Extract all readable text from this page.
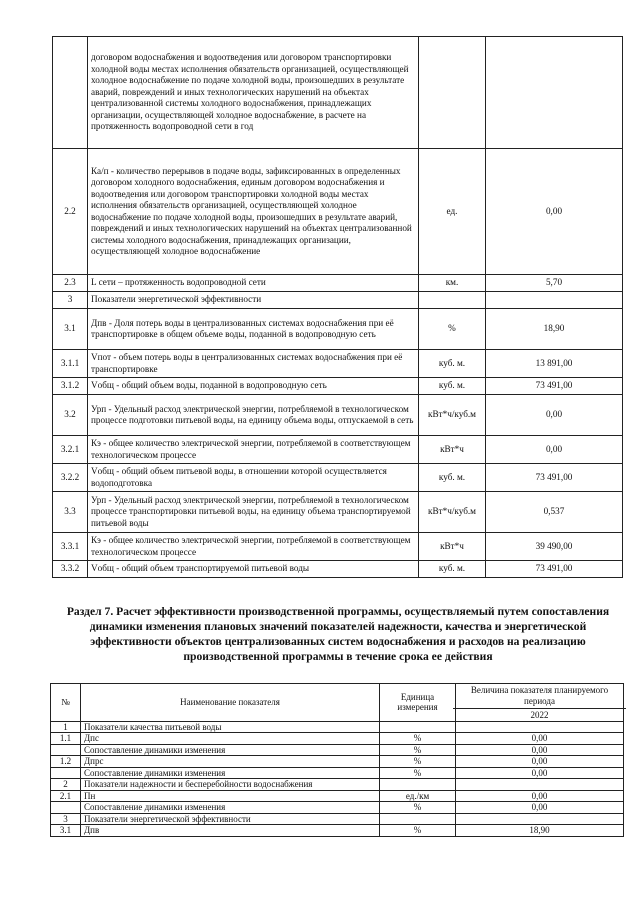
	договором водоснабжения и водоотведения или договором транспортировки холодной воды местах исполнения обязательств организацией, осуществляющей холодное водоснабжение по подаче холодной воды, произошедших в результате аварий, повреждений и иных технологических нарушений на объектах централизованной системы холодного водоснабжения, принадлежащих организации, осуществляющей холодное водоснабжение, в расчете на протяженность водопроводной сети в год		
2.2	Ка/п - количество перерывов в подаче воды, зафиксированных в определенных договором холодного водоснабжения, единым договором водоснабжения и водоотведения или договором транспортировки холодной воды местах исполнения обязательств организацией, осуществляющей холодное водоснабжение по подаче холодной воды, произошедших в результате аварий, повреждений и иных технологических нарушений на объектах централизованной системы холодного водоснабжения, принадлежащих организации, осуществляющей холодное водоснабжение	ед.	0,00
2.3	L сети – протяженность водопроводной сети	км.	5,70
3	Показатели энергетической эффективности		
3.1	Дпв - Доля потерь воды в централизованных системах водоснабжения при её транспортировке в общем объеме воды, поданной в водопроводную сеть	%	18,90
3.1.1	Vпот - объем потерь воды в централизованных системах водоснабжения при её транспортировке	куб. м.	13 891,00
3.1.2	Vобщ - общий объем воды, поданной в водопроводную сеть	куб. м.	73 491,00
3.2	Урп - Удельный расход электрической энергии, потребляемой в технологическом процессе подготовки питьевой воды, на единицу объема воды, отпускаемой в сеть	кВт*ч/куб.м	0,00
3.2.1	Кэ - общее количество электрической энергии, потребляемой в соответствующем технологическом процессе	кВт*ч	0,00
3.2.2	Vобщ - общий объем питьевой воды, в отношении которой осуществляется водоподготовка	куб. м.	73 491,00
3.3	Урп - Удельный расход электрической энергии, потребляемой в технологическом процессе транспортировки питьевой воды, на единицу объема транспортируемой питьевой воды	кВт*ч/куб.м	0,537
3.3.1	Кэ - общее количество электрической энергии, потребляемой в соответствующем технологическом процессе	кВт*ч	39 490,00
3.3.2	Vобщ - общий объем транспортируемой питьевой воды	куб. м.	73 491,00
Раздел 7. Расчет эффективности производственной программы, осуществляемый путем сопоставления динамики изменения плановых значений показателей надежности, качества и энергетической эффективности объектов централизованных систем водоснабжения и расходов на реализацию производственной программы в течение срока ее действия
№	Наименование показателя	Единица измерения	Величина показателя планируемого периода
2022

1	Показатели качества питьевой воды		
1.1	Дпс	%	0,00
	Сопоставление динамики изменения	%	0,00
1.2	Дпрс	%	0,00
	Сопоставление динамики изменения	%	0,00
2	Показатели надежности и бесперебойности водоснабжения		
2.1	Пн	ед./км	0,00
	Сопоставление динамики изменения	%	0,00
3	Показатели энергетической эффективности		
3.1	Дпв	%	18,90
